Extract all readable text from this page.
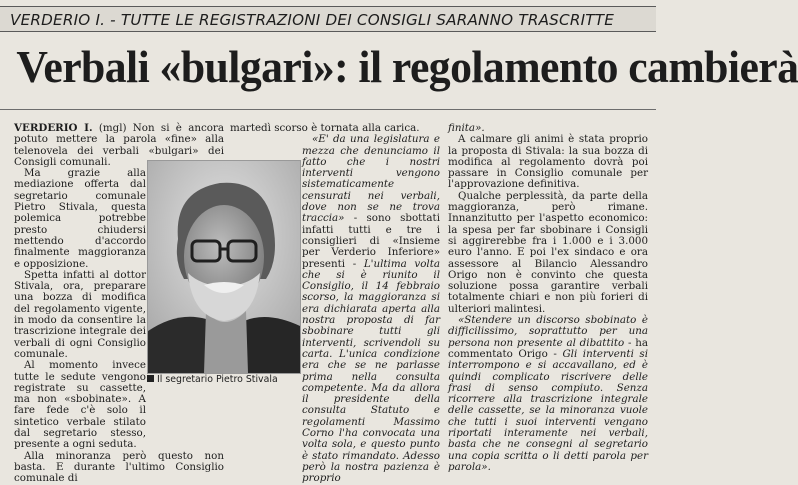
VERDERIO I. - TUTTE LE REGISTRAZIONI DEI CONSIGLI SARANNO TRASCRITTE
Verbali «bulgari»: il regolamento cambierà

VERDERIO I. (mgl) Non si è ancora potuto mettere la parola «fine» alla telenovela dei verbali «bulgari» dei Consigli comunali.

Ma grazie alla mediazione offerta dal segretario comunale Pietro Stivala, questa polemica potrebbe presto chiudersi mettendo d'accordo finalmente maggioranza e opposizione.

Spetta infatti al dottor Stivala, ora, preparare una bozza di modifica del regolamento vigente, in modo da consentire la trascrizione integrale dei verbali di ogni Consiglio comunale.

Al momento invece tutte le sedute vengono registrate su cassette, ma non «sbobinate». A fare fede c'è solo il sintetico verbale stilato dal segretario stesso, presente a ogni seduta.

Alla minoranza però questo non basta. E durante l'ultimo Consiglio comunale di

martedì scorso è tornata alla carica.

«E' da una legislatura e mezza che denunciamo il fatto che i nostri interventi vengono sistematicamente censurati nei verbali, dove non se ne trova traccia» - sono sbottati infatti tutti e tre i consiglieri di «Insieme per Verderio Inferiore» presenti - L'ultima volta che si è riunito il Consiglio, il 14 febbraio scorso, la maggioranza si era dichiarata aperta alla nostra proposta di far sbobinare tutti gli interventi, scrivendoli su carta. L'unica condizione era che se ne parlasse prima nella consulta competente. Ma da allora il presidente della consulta Statuto e regolamenti Massimo Corno l'ha convocata una volta sola, e questo punto è stato rimandato. Adesso però la nostra pazienza è proprio

finita».

A calmare gli animi è stata proprio la proposta di Stivala: la sua bozza di modifica al regolamento dovrà poi passare in Consiglio comunale per l'approvazione definitiva.

Qualche perplessità, da parte della maggioranza, però rimane. Innanzitutto per l'aspetto economico: la spesa per far sbobinare i Consigli si aggirerebbe fra i 1.000 e i 3.000 euro l'anno. E poi l'ex sindaco e ora assessore al Bilancio Alessandro Origo non è convinto che questa soluzione possa garantire verbali totalmente chiari e non più forieri di ulteriori malintesi.

«Stendere un discorso sbobinato è difficilissimo, soprattutto per una persona non presente al dibattito - ha commentato Origo - Gli interventi si interrompono e si accavallano, ed è quindi complicato riscrivere delle frasi di senso compiuto. Senza ricorrere alla trascrizione integrale delle cassette, se la minoranza vuole che tutti i suoi interventi vengano riportati interamente nei verbali, basta che ne consegni al segretario una copia scritta o li detti parola per parola».

Il segretario Pietro Stivala
